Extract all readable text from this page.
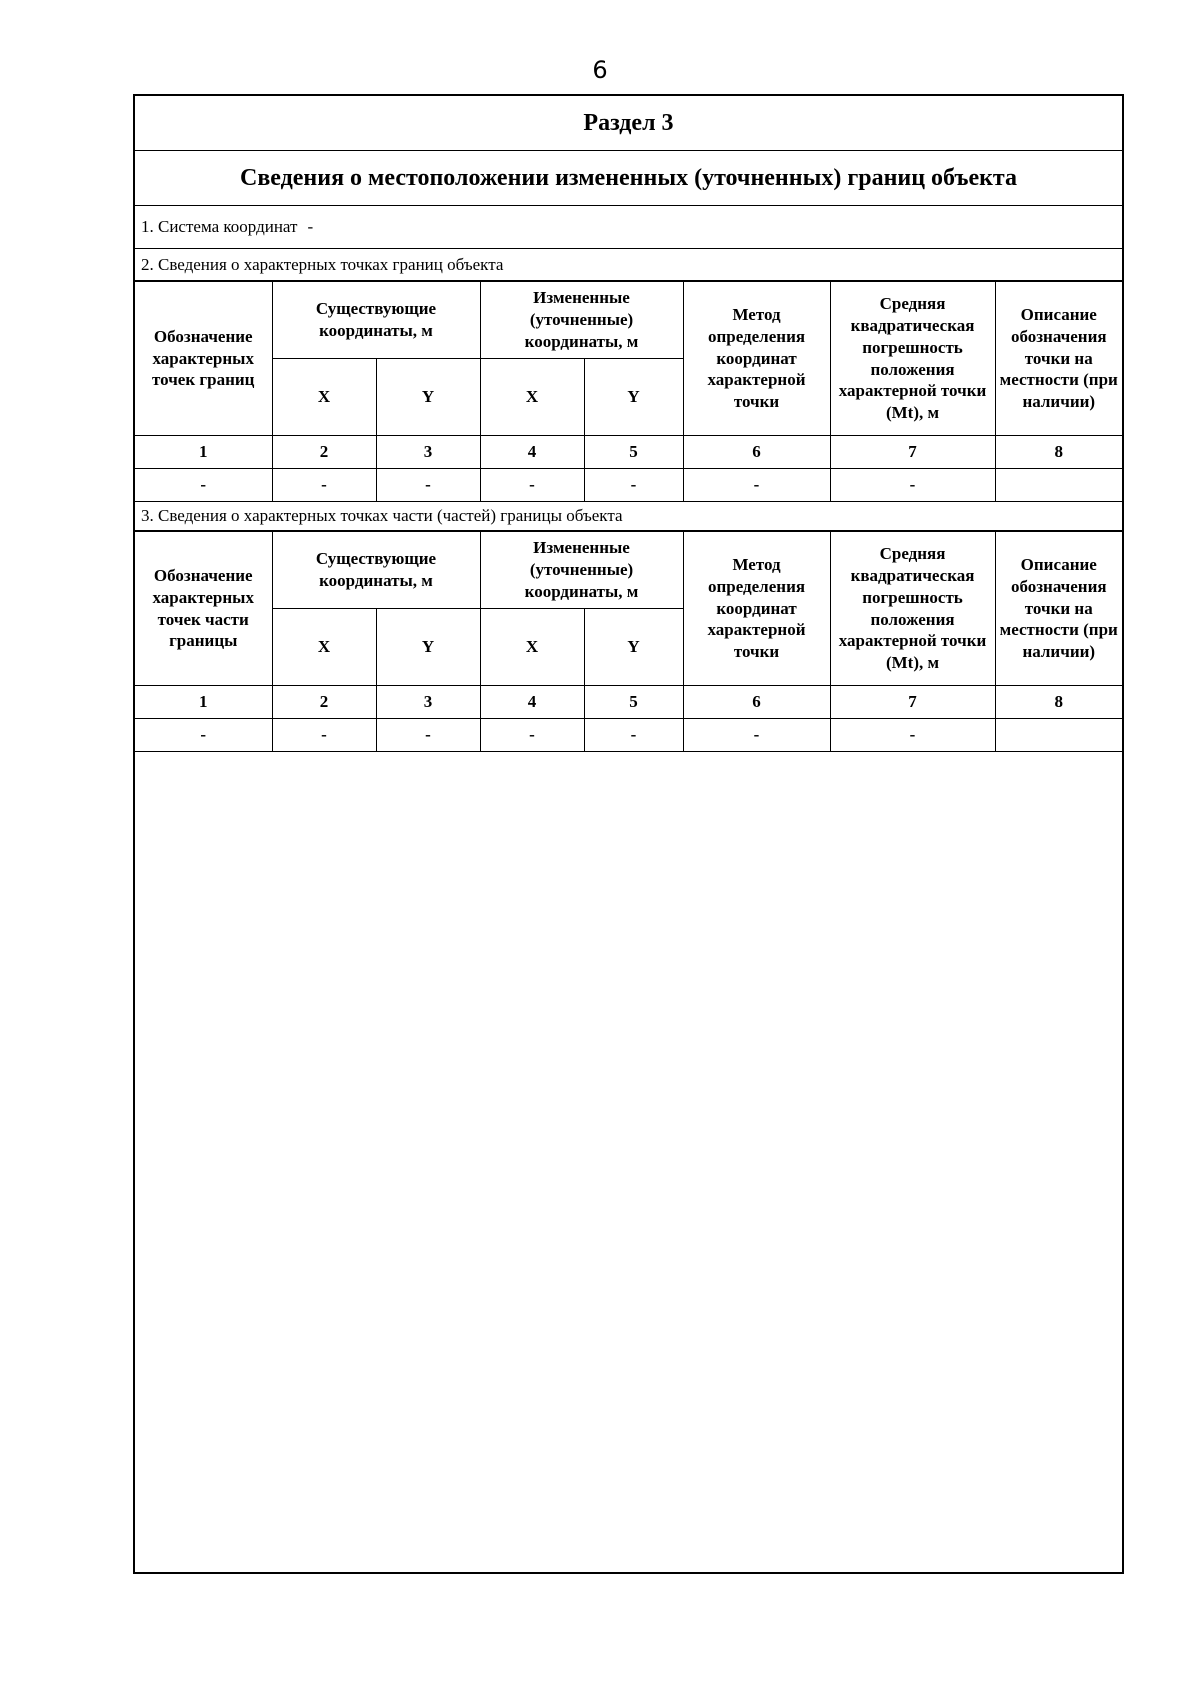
6
Раздел 3
Сведения о местоположении измененных (уточненных) границ объекта
1. Система координат -
2. Сведения о характерных точках границ объекта
Обозначение характерных точек границ	Существующие координаты, м		Измененные (уточненные) координаты, м		Метод определения координат характерной точки	Средняя квадратическая погрешность положения характерной точки (Mt), м	Описание обозначения точки на местности (при наличии)
	X	Y	X	Y			
1	2	3	4	5	6	7	8
-	-	-	-	-	-	-	
3. Сведения о характерных точках части (частей) границы объекта
Обозначение характерных точек части границы	Существующие координаты, м		Измененные (уточненные) координаты, м		Метод определения координат характерной точки	Средняя квадратическая погрешность положения характерной точки (Mt), м	Описание обозначения точки на местности (при наличии)
	X	Y	X	Y			
1	2	3	4	5	6	7	8
-	-	-	-	-	-	-	
